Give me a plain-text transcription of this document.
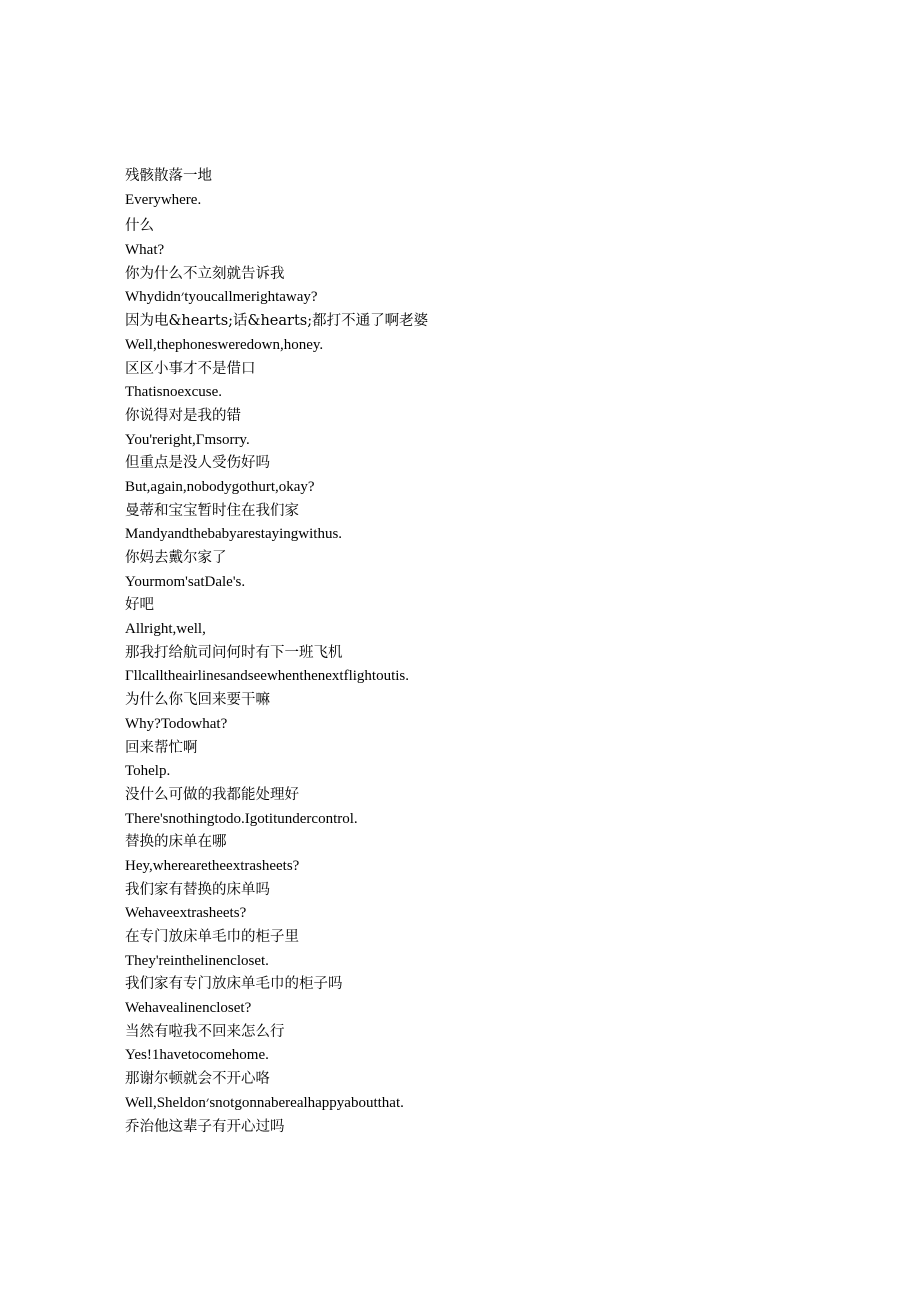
残骸散落一地
Everywhere.
什么
What?
你为什么不立刻就告诉我
Whydidn׳tyoucallmerightaway?
因为电&hearts;话&hearts;都打不通了啊老婆
Well,thephonesweredown,honey.
区区小事才不是借口
Thatisnoexcuse.
你说得对是我的错
You'reright,Γmsorry.
但重点是没人受伤好吗
But,again,nobodygothurt,okay?
曼蒂和宝宝暂时住在我们家
Mandyandthebabyarestayingwithus.
你妈去戴尔家了
Yourmom'satDale's.
好吧
Allright,well,
那我打给航司问何时有下一班飞机
Γllcalltheairlinesandseewhenthenextflightoutis.
为什么你飞回来要干嘛
Why?Todowhat?
回来帮忙啊
Tohelp.
没什么可做的我都能处理好
There'snothingtodo.Igotitundercontrol.
替换的床单在哪
Hey,wherearetheextrasheets?
我们家有替换的床单吗
Wehaveextrasheets?
在专门放床单毛巾的柜子里
They'reinthelinencloset.
我们家有专门放床单毛巾的柜子吗
Wehavealinencloset?
当然有啦我不回来怎么行
Yes!1havetocomehome.
那谢尔顿就会不开心咯
Well,Sheldon׳snotgonnaberealhappyaboutthat.
乔治他这辈子有开心过吗
